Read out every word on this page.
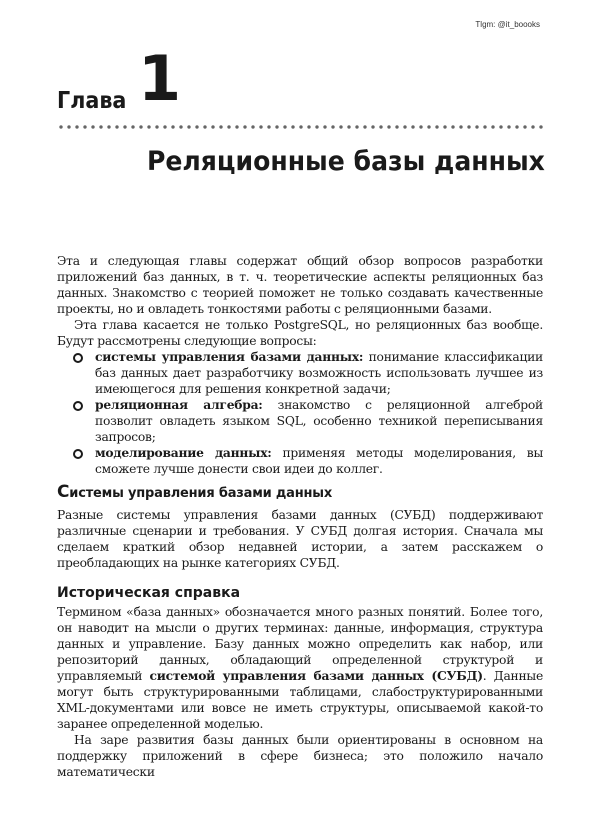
Tlgm: @it_boooks
Глава 1
Реляционные базы данных

Эта и следующая главы содержат общий обзор вопросов разработки приложений баз данных, в т. ч. теоретические аспекты реляционных баз данных. Знакомство с теорией поможет не только создавать качественные проекты, но и овладеть тонкостями работы с реляционными базами.

Эта глава касается не только PostgreSQL, но реляционных баз вообще. Будут рассмотрены следующие вопросы:

системы управления базами данных: понимание классификации баз данных дает разработчику возможность использовать лучшее из имеющегося для решения конкретной задачи;
реляционная алгебра: знакомство с реляционной алгеброй позволит овладеть языком SQL, особенно техникой переписывания запросов;
моделирование данных: применяя методы моделирования, вы сможете лучше донести свои идеи до коллег.
Системы управления базами данных

Разные системы управления базами данных (СУБД) поддерживают различные сценарии и требования. У СУБД долгая история. Сначала мы сделаем краткий обзор недавней истории, а затем расскажем о преобладающих на рынке категориях СУБД.

Историческая справка

Термином «база данных» обозначается много разных понятий. Более того, он наводит на мысли о других терминах: данные, информация, структура данных и управление. Базу данных можно определить как набор, или репозиторий данных, обладающий определенной структурой и управляемый системой управления базами данных (СУБД). Данные могут быть структурированными таблицами, слабоструктурированными XML-документами или вовсе не иметь структуры, описываемой какой-то заранее определенной моделью.

На заре развития базы данных были ориентированы в основном на поддержку приложений в сфере бизнеса; это положило начало математически
